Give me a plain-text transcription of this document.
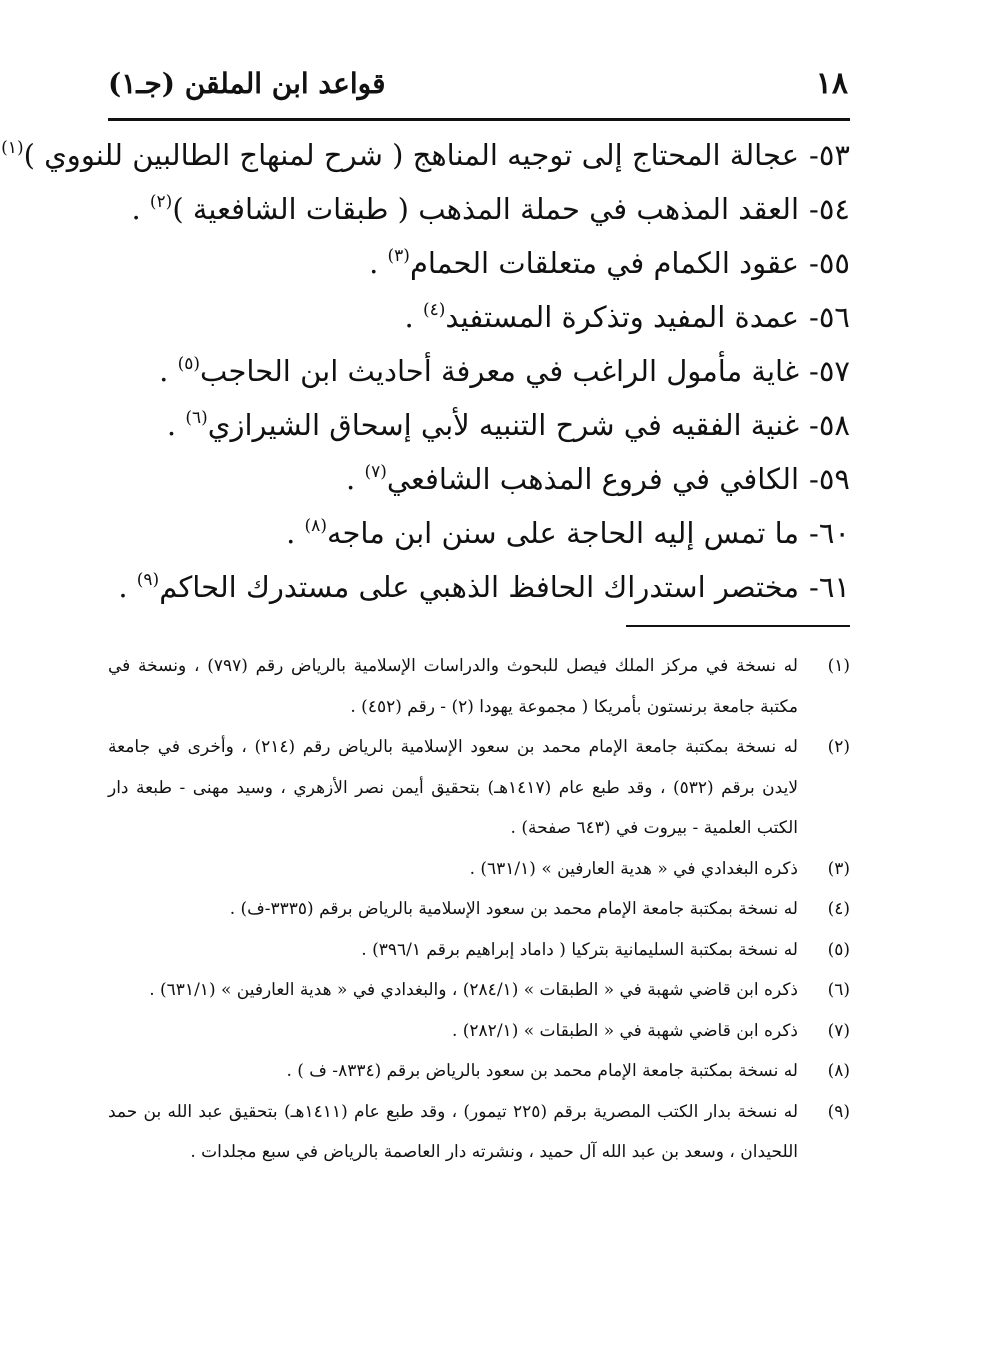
١٨
قواعد ابن الملقن (جـ١)
٥٣-عجالة المحتاج إلى توجيه المناهج ( شرح لمنهاج الطالبين للنووي )$^{(١)}$
٥٤-العقد المذهب في حملة المذهب ( طبقات الشافعية )$^{(٢)}$ .
٥٥-عقود الكمام في متعلقات الحمام$^{(٣)}$ .
٥٦-عمدة المفيد وتذكرة المستفيد$^{(٤)}$ .
٥٧-غاية مأمول الراغب في معرفة أحاديث ابن الحاجب$^{(٥)}$ .
٥٨-غنية الفقيه في شرح التنبيه لأبي إسحاق الشيرازي$^{(٦)}$ .
٥٩-الكافي في فروع المذهب الشافعي$^{(٧)}$ .
٦٠-ما تمس إليه الحاجة على سنن ابن ماجه$^{(٨)}$ .
٦١-مختصر استدراك الحافظ الذهبي على مستدرك الحاكم$^{(٩)}$ .
(١)
له نسخة في مركز الملك فيصل للبحوث والدراسات الإسلامية بالرياض رقم (٧٩٧) ، ونسخة في مكتبة جامعة برنستون بأمريكا ( مجموعة يهودا (٢) - رقم (٤٥٢) .
(٢)
له نسخة بمكتبة جامعة الإمام محمد بن سعود الإسلامية بالرياض رقم (٢١٤) ، وأخرى في جامعة لايدن برقم (٥٣٢) ، وقد طبع عام (١٤١٧هـ) بتحقيق أيمن نصر الأزهري ، وسيد مهنى - طبعة دار الكتب العلمية - بيروت في (٦٤٣ صفحة) .
(٣)
ذكره البغدادي في « هدية العارفين » (٦٣١/١) .
(٤)
له نسخة بمكتبة جامعة الإمام محمد بن سعود الإسلامية بالرياض برقم (٣٣٣٥-ف) .
(٥)
له نسخة بمكتبة السليمانية بتركيا ( داماد إبراهيم برقم ٣٩٦/١) .
(٦)
ذكره ابن قاضي شهبة في « الطبقات » (٢٨٤/١) ، والبغدادي في « هدية العارفين » (٦٣١/١) .
(٧)
ذكره ابن قاضي شهبة في « الطبقات » (٢٨٢/١) .
(٨)
له نسخة بمكتبة جامعة الإمام محمد بن سعود بالرياض برقم (٨٣٣٤- ف ) .
(٩)
له نسخة بدار الكتب المصرية برقم (٢٢٥ تيمور) ، وقد طبع عام (١٤١١هـ) بتحقيق عبد الله بن حمد اللحيدان ، وسعد بن عبد الله آل حميد ، ونشرته دار العاصمة بالرياض في سبع مجلدات .
